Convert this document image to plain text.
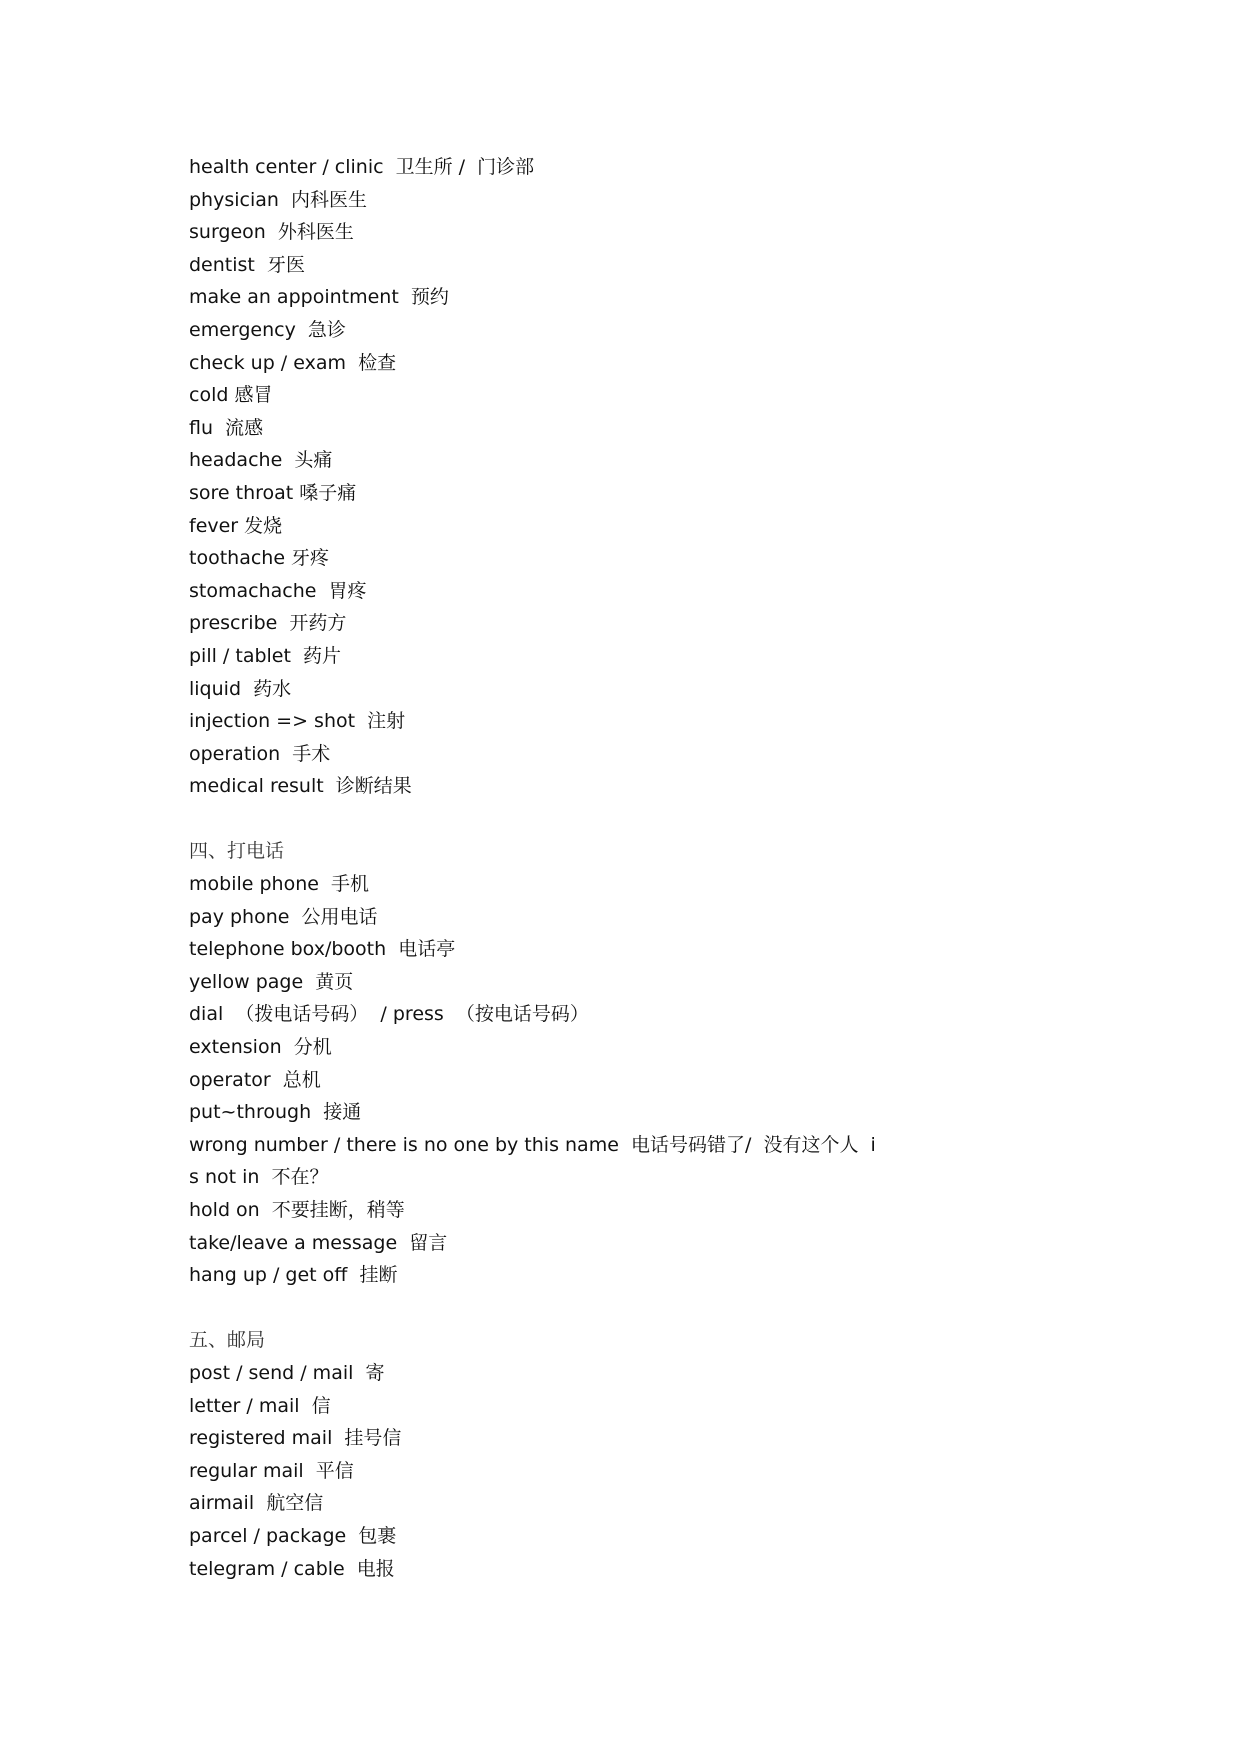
health center / clinic  卫生所 /  门诊部
physician  内科医生
surgeon  外科医生
dentist  牙医
make an appointment  预约
emergency  急诊
check up / exam  检查
cold 感冒
flu  流感
headache  头痛
sore throat 嗓子痛
fever 发烧
toothache 牙疼
stomachache  胃疼
prescribe  开药方
pill / tablet  药片
liquid  药水
injection => shot  注射
operation  手术
medical result  诊断结果
四、打电话
mobile phone  手机
pay phone  公用电话
telephone box/booth  电话亭
yellow page  黄页
dial  （拨电话号码）  / press  （按电话号码）
extension  分机
operator  总机
put~through  接通
wrong number / there is no one by this name  电话号码错了/  没有这个人  i
s not in  不在？
hold on  不要挂断，稍等
take/leave a message  留言
hang up / get off  挂断
五、邮局
post / send / mail  寄
letter / mail  信
registered mail  挂号信
regular mail  平信
airmail  航空信
parcel / package  包裹
telegram / cable  电报
